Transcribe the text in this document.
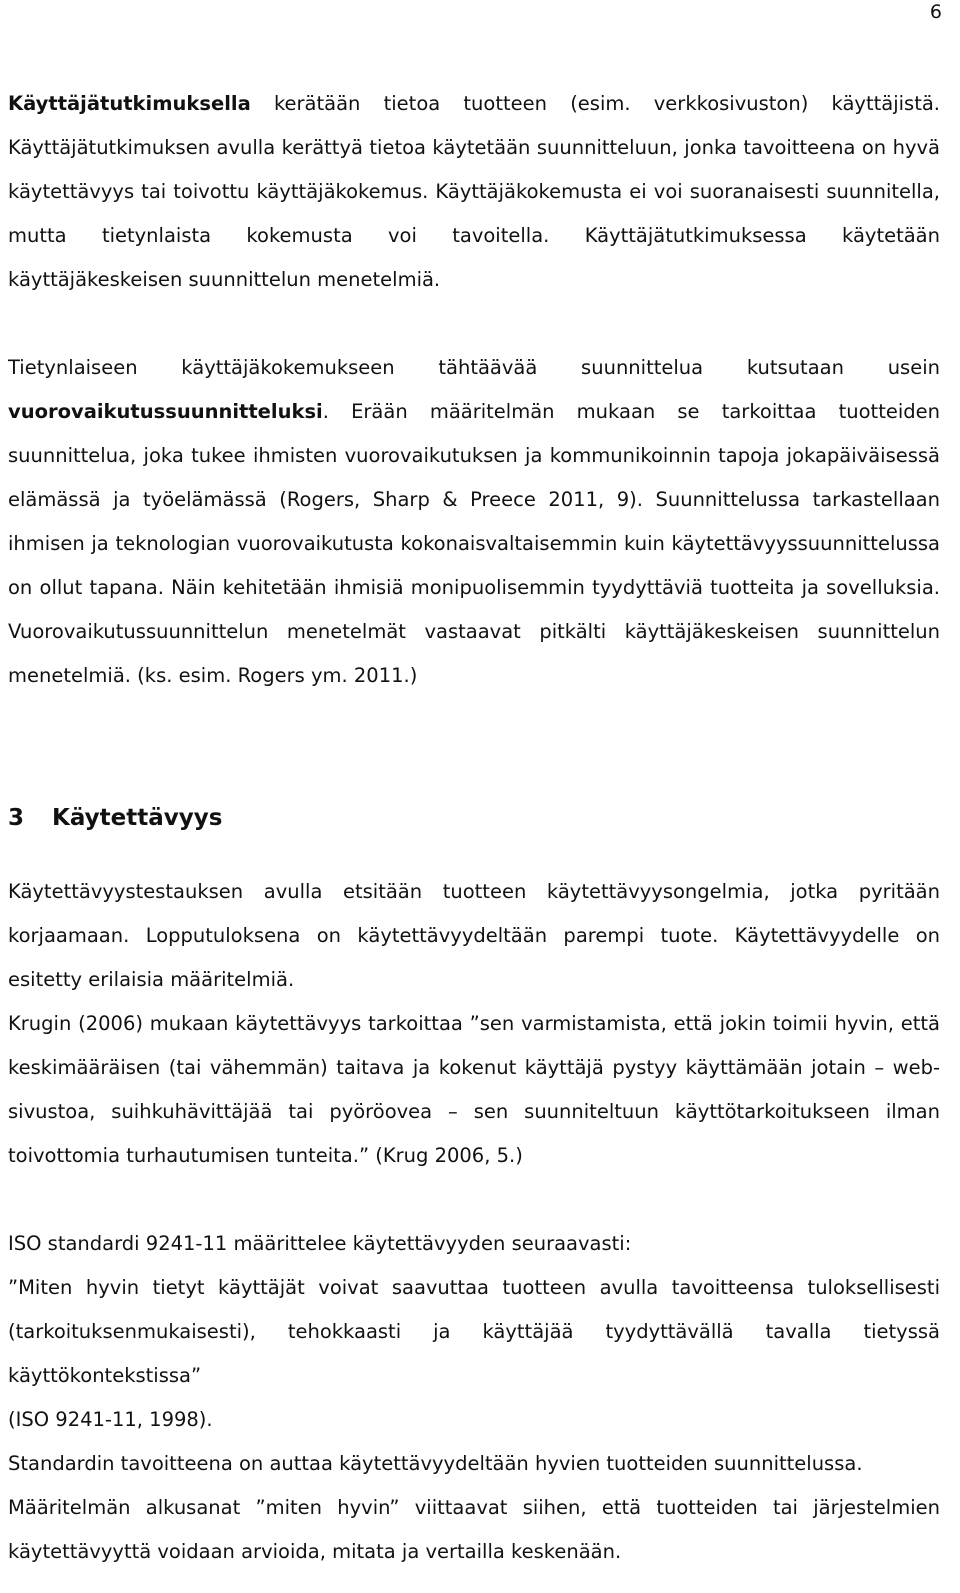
6

Käyttäjätutkimuksella kerätään tietoa tuotteen (esim. verkkosivuston) käyttäjistä. Käyttäjätutkimuksen avulla kerättyä tietoa käytetään suunnitteluun, jonka tavoitteena on hyvä käytettävyys tai toivottu käyttäjäkokemus. Käyttäjäkokemusta ei voi suoranaisesti suunnitella, mutta tietynlaista kokemusta voi tavoitella. Käyttäjätutkimuksessa käytetään käyttäjäkeskeisen suunnittelun menetelmiä.

Tietynlaiseen käyttäjäkokemukseen tähtäävää suunnittelua kutsutaan usein vuorovaikutussuunnitteluksi. Erään määritelmän mukaan se tarkoittaa tuotteiden suunnittelua, joka tukee ihmisten vuorovaikutuksen ja kommunikoinnin tapoja jokapäiväisessä elämässä ja työelämässä (Rogers, Sharp & Preece 2011, 9). Suunnittelussa tarkastellaan ihmisen ja teknologian vuorovaikutusta kokonaisvaltaisemmin kuin käytettävyyssuunnittelussa on ollut tapana. Näin kehitetään ihmisiä monipuolisemmin tyydyttäviä tuotteita ja sovelluksia. Vuorovaikutussuunnittelun menetelmät vastaavat pitkälti käyttäjäkeskeisen suunnittelun menetelmiä. (ks. esim. Rogers ym. 2011.)

3 Käytettävyys

Käytettävyystestauksen avulla etsitään tuotteen käytettävyysongelmia, jotka pyritään korjaamaan. Lopputuloksena on käytettävyydeltään parempi tuote. Käytettävyydelle on esitetty erilaisia määritelmiä.

Krugin (2006) mukaan käytettävyys tarkoittaa ”sen varmistamista, että jokin toimii hyvin, että keskimääräisen (tai vähemmän) taitava ja kokenut käyttäjä pystyy käyttämään jotain – web-sivustoa, suihkuhävittäjää tai pyöröovea – sen suunniteltuun käyttötarkoitukseen ilman toivottomia turhautumisen tunteita.” (Krug 2006, 5.)

ISO standardi 9241-11 määrittelee käytettävyyden seuraavasti:

”Miten hyvin tietyt käyttäjät voivat saavuttaa tuotteen avulla tavoitteensa tuloksellisesti (tarkoituksenmukaisesti), tehokkaasti ja käyttäjää tyydyttävällä tavalla tietyssä käyttökontekstissa”

(ISO 9241-11, 1998).

Standardin tavoitteena on auttaa käytettävyydeltään hyvien tuotteiden suunnittelussa.

Määritelmän alkusanat ”miten hyvin” viittaavat siihen, että tuotteiden tai järjestelmien käytettävyyttä voidaan arvioida, mitata ja vertailla keskenään.
